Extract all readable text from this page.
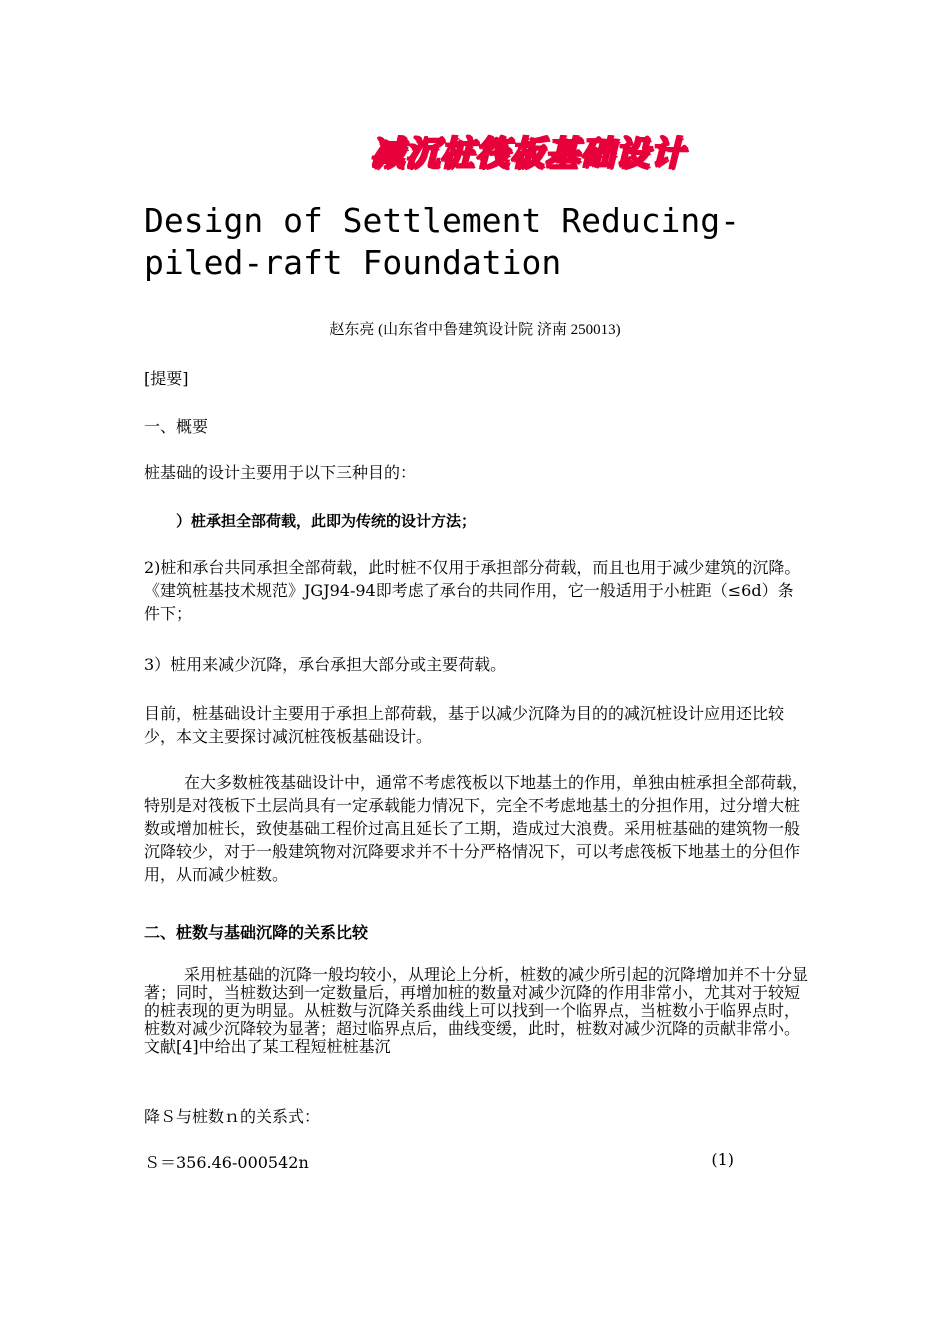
减沉桩筏板基础设计
Design of Settlement Reducing-piled-raft Foundation
赵东亮 (山东省中鲁建筑设计院 济南 250013)

[提要]

一、概要

桩基础的设计主要用于以下三种目的：

）桩承担全部荷载，此即为传统的设计方法；

2)桩和承台共同承担全部荷载，此时桩不仅用于承担部分荷载，而且也用于减少建筑的沉降。《建筑桩基技术规范》JGJ94-94即考虑了承台的共同作用，它一般适用于小桩距（≤6d）条件下；

3）桩用来减少沉降，承台承担大部分或主要荷载。

目前，桩基础设计主要用于承担上部荷载，基于以减少沉降为目的的减沉桩设计应用还比较少，本文主要探讨减沉桩筏板基础设计。

在大多数桩筏基础设计中，通常不考虑筏板以下地基土的作用，单独由桩承担全部荷载，特别是对筏板下土层尚具有一定承载能力情况下，完全不考虑地基土的分担作用，过分增大桩数或增加桩长，致使基础工程价过高且延长了工期，造成过大浪费。采用桩基础的建筑物一般沉降较少，对于一般建筑物对沉降要求并不十分严格情况下，可以考虑筏板下地基土的分但作用，从而减少桩数。

二、桩数与基础沉降的关系比较

采用桩基础的沉降一般均较小，从理论上分析，桩数的减少所引起的沉降增加并不十分显著；同时，当桩数达到一定数量后，再增加桩的数量对减少沉降的作用非常小，尤其对于较短的桩表现的更为明显。从桩数与沉降关系曲线上可以找到一个临界点，当桩数小于临界点时，桩数对减少沉降较为显著；超过临界点后，曲线变缓，此时，桩数对减少沉降的贡献非常小。文献[4]中给出了某工程短桩桩基沉

降Ｓ与桩数ｎ的关系式：

Ｓ＝356.46-000542n	(1)
